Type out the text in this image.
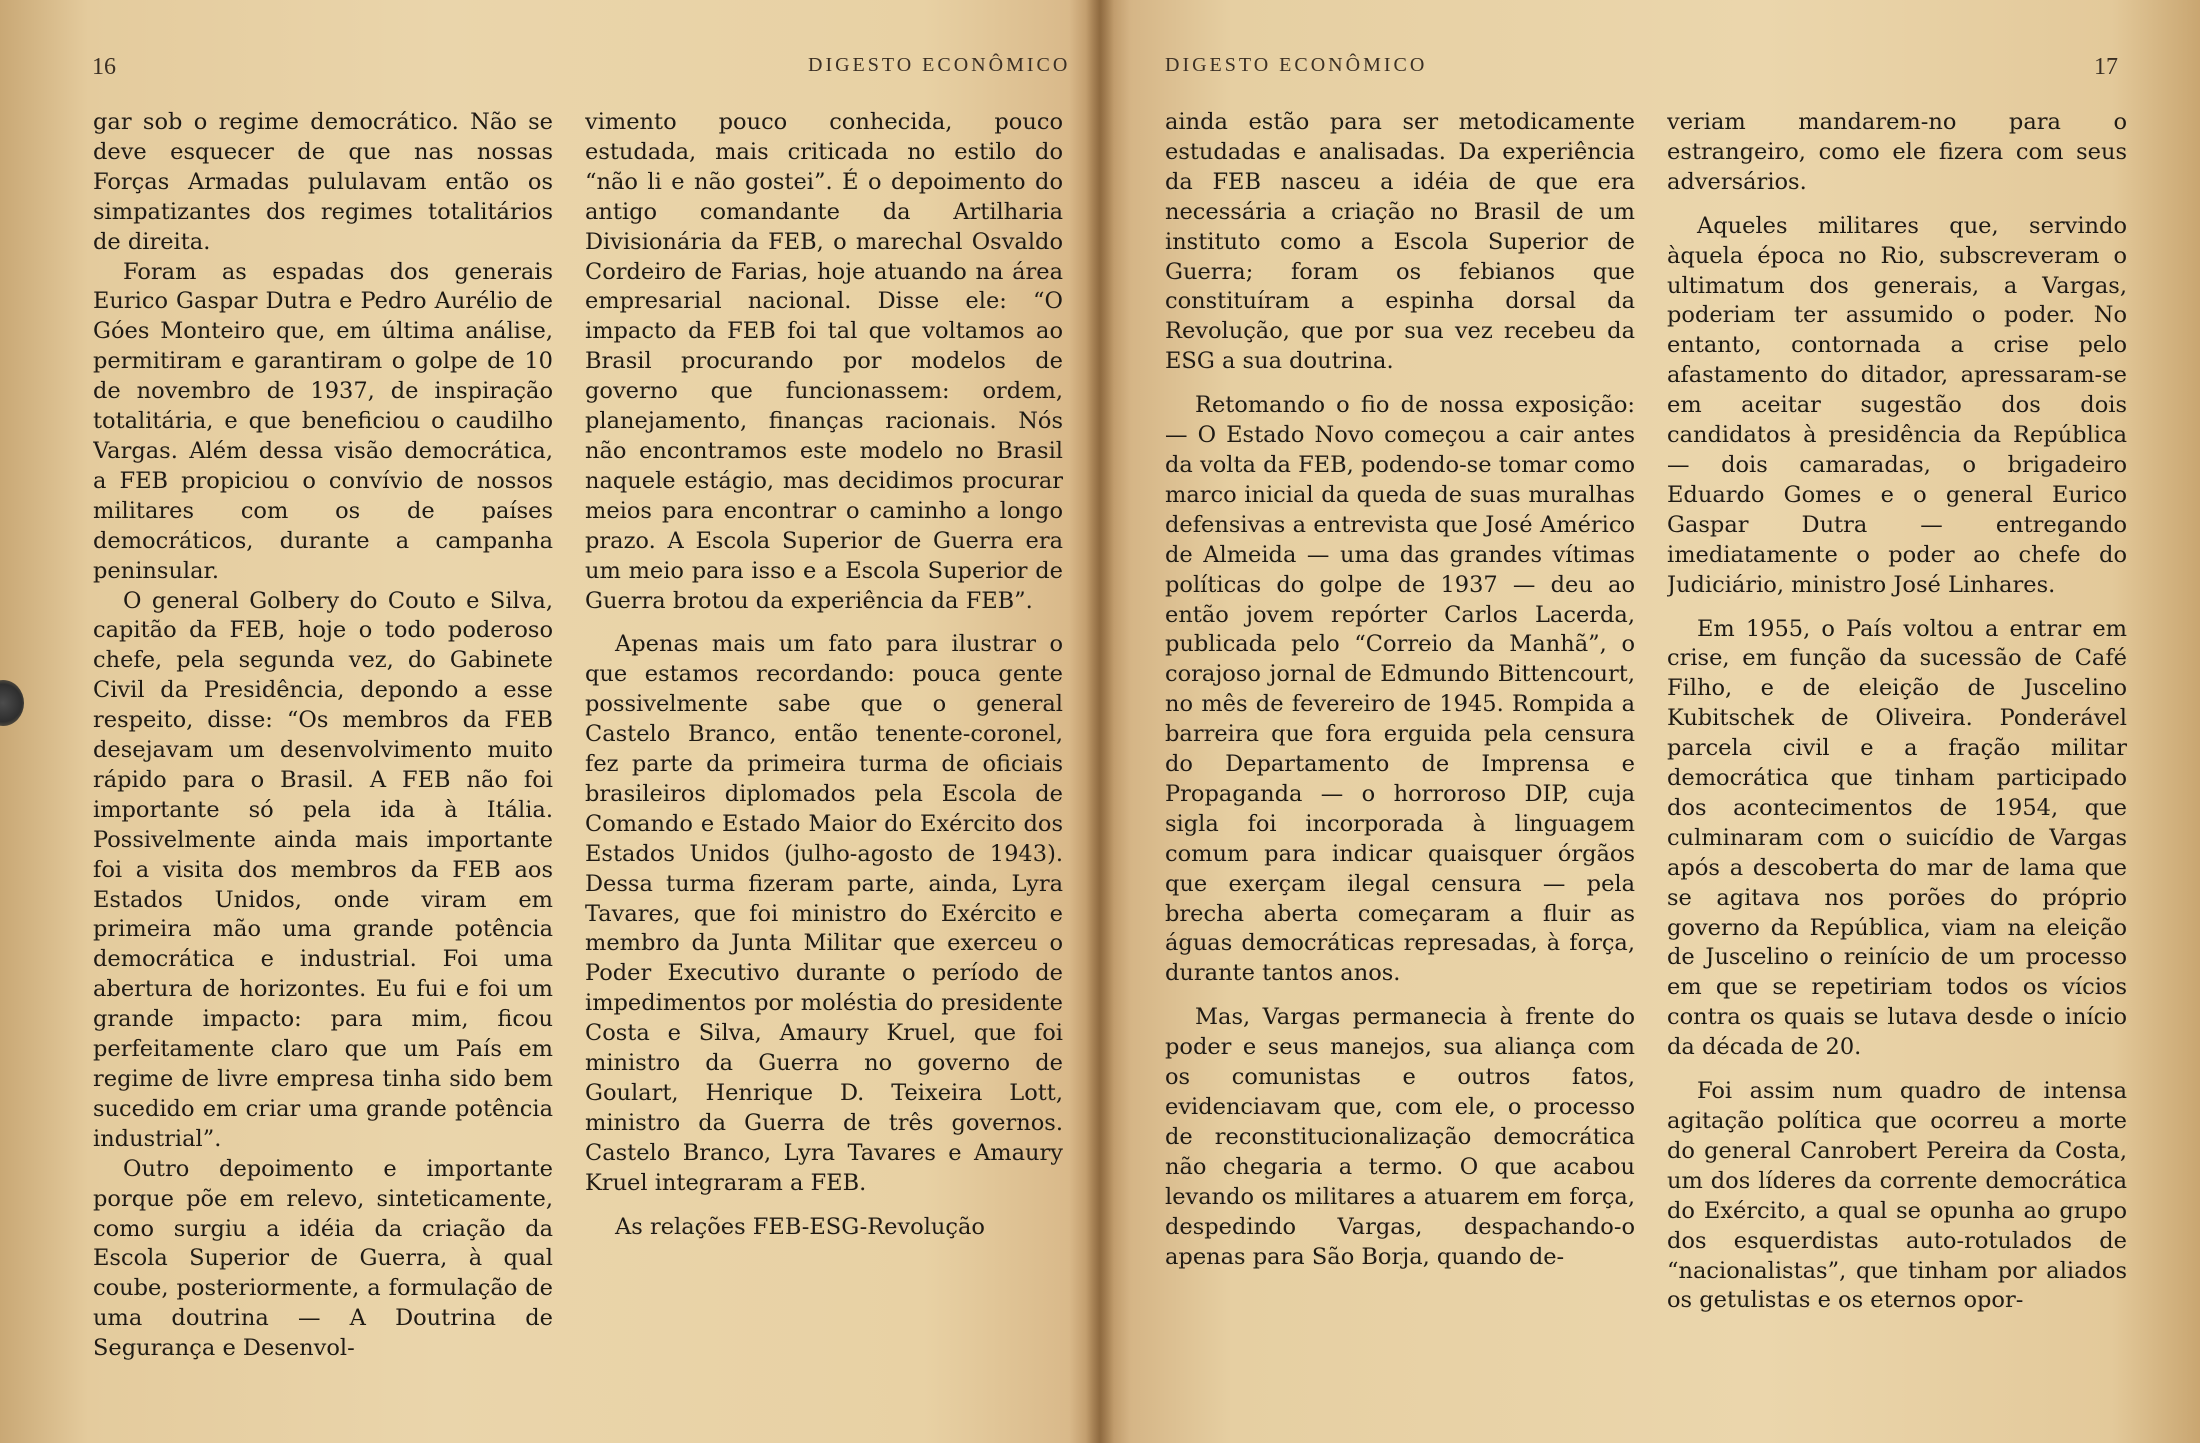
16	DIGESTO ECONÔMICO

gar sob o regime democrático. Não se deve esquecer de que nas nossas Forças Armadas pululavam então os simpatizantes dos regimes totalitários de direita.

Foram as espadas dos generais Eurico Gaspar Dutra e Pedro Aurélio de Góes Monteiro que, em última análise, permitiram e garantiram o golpe de 10 de novembro de 1937, de inspiração totalitária, e que beneficiou o caudilho Vargas. Além dessa visão democrática, a FEB propiciou o convívio de nossos militares com os de países democráticos, durante a campanha peninsular.

O general Golbery do Couto e Silva, capitão da FEB, hoje o todo poderoso chefe, pela segunda vez, do Gabinete Civil da Presidência, depondo a esse respeito, disse: “Os membros da FEB desejavam um desenvolvimento muito rápido para o Brasil. A FEB não foi importante só pela ida à Itália. Possivelmente ainda mais importante foi a visita dos membros da FEB aos Estados Unidos, onde viram em primeira mão uma grande potência democrática e industrial. Foi uma abertura de horizontes. Eu fui e foi um grande impacto: para mim, ficou perfeitamente claro que um País em regime de livre empresa tinha sido bem sucedido em criar uma grande potência industrial”.

Outro depoimento e importante porque põe em relevo, sinteticamente, como surgiu a idéia da criação da Escola Superior de Guerra, à qual coube, posteriormente, a formulação de uma doutrina — A Doutrina de Segurança e Desenvol-

vimento pouco conhecida, pouco estudada, mais criticada no estilo do “não li e não gostei”. É o depoimento do antigo comandante da Artilharia Divisionária da FEB, o marechal Osvaldo Cordeiro de Farias, hoje atuando na área empresarial nacional. Disse ele: “O impacto da FEB foi tal que voltamos ao Brasil procurando por modelos de governo que funcionassem: ordem, planejamento, finanças racionais. Nós não encontramos este modelo no Brasil naquele estágio, mas decidimos procurar meios para encontrar o caminho a longo prazo. A Escola Superior de Guerra era um meio para isso e a Escola Superior de Guerra brotou da experiência da FEB”.

Apenas mais um fato para ilustrar o que estamos recordando: pouca gente possivelmente sabe que o general Castelo Branco, então tenente-coronel, fez parte da primeira turma de oficiais brasileiros diplomados pela Escola de Comando e Estado Maior do Exército dos Estados Unidos (julho-agosto de 1943). Dessa turma fizeram parte, ainda, Lyra Tavares, que foi ministro do Exército e membro da Junta Militar que exerceu o Poder Executivo durante o período de impedimentos por moléstia do presidente Costa e Silva, Amaury Kruel, que foi ministro da Guerra no governo de Goulart, Henrique D. Teixeira Lott, ministro da Guerra de três governos. Castelo Branco, Lyra Tavares e Amaury Kruel integraram a FEB.

As relações FEB-ESG-Revolução

DIGESTO ECONÔMICO	17

ainda estão para ser metodicamente estudadas e analisadas. Da experiência da FEB nasceu a idéia de que era necessária a criação no Brasil de um instituto como a Escola Superior de Guerra; foram os febianos que constituíram a espinha dorsal da Revolução, que por sua vez recebeu da ESG a sua doutrina.

Retomando o fio de nossa exposição: — O Estado Novo começou a cair antes da volta da FEB, podendo-se tomar como marco inicial da queda de suas muralhas defensivas a entrevista que José Américo de Almeida — uma das grandes vítimas políticas do golpe de 1937 — deu ao então jovem repórter Carlos Lacerda, publicada pelo “Correio da Manhã”, o corajoso jornal de Edmundo Bittencourt, no mês de fevereiro de 1945. Rompida a barreira que fora erguida pela censura do Departamento de Imprensa e Propaganda — o horroroso DIP, cuja sigla foi incorporada à linguagem comum para indicar quaisquer órgãos que exerçam ilegal censura — pela brecha aberta começaram a fluir as águas democráticas represadas, à força, durante tantos anos.

Mas, Vargas permanecia à frente do poder e seus manejos, sua aliança com os comunistas e outros fatos, evidenciavam que, com ele, o processo de reconstitucionalização democrática não chegaria a termo. O que acabou levando os militares a atuarem em força, despedindo Vargas, despachando-o apenas para São Borja, quando de-

veriam mandarem-no para o estrangeiro, como ele fizera com seus adversários.

Aqueles militares que, servindo àquela época no Rio, subscreveram o ultimatum dos generais, a Vargas, poderiam ter assumido o poder. No entanto, contornada a crise pelo afastamento do ditador, apressaram-se em aceitar sugestão dos dois candidatos à presidência da República — dois camaradas, o brigadeiro Eduardo Gomes e o general Eurico Gaspar Dutra — entregando imediatamente o poder ao chefe do Judiciário, ministro José Linhares.

Em 1955, o País voltou a entrar em crise, em função da sucessão de Café Filho, e de eleição de Juscelino Kubitschek de Oliveira. Ponderável parcela civil e a fração militar democrática que tinham participado dos acontecimentos de 1954, que culminaram com o suicídio de Vargas após a descoberta do mar de lama que se agitava nos porões do próprio governo da República, viam na eleição de Juscelino o reinício de um processo em que se repetiriam todos os vícios contra os quais se lutava desde o início da década de 20.

Foi assim num quadro de intensa agitação política que ocorreu a morte do general Canrobert Pereira da Costa, um dos líderes da corrente democrática do Exército, a qual se opunha ao grupo dos esquerdistas auto-rotulados de “nacionalistas”, que tinham por aliados os getulistas e os eternos opor-
